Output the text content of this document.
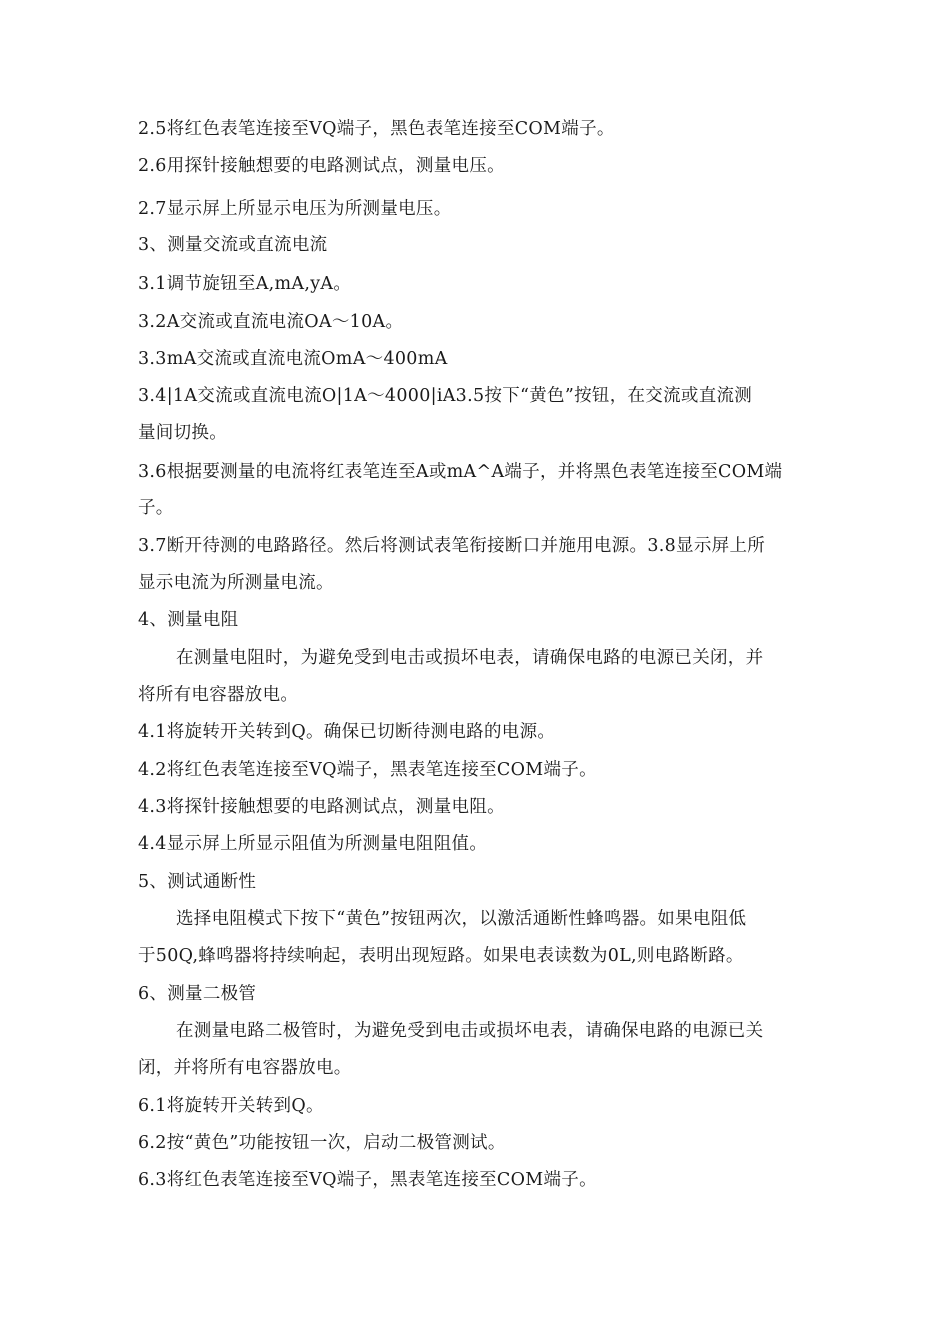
2.5将红色表笔连接至VQ端子，黑色表笔连接至COM端子。
2.6用探针接触想要的电路测试点，测量电压。
2.7显示屏上所显示电压为所测量电压。
3、测量交流或直流电流
3.1调节旋钮至A,mA,yA。
3.2A交流或直流电流OA〜10A。
3.3mA交流或直流电流OmA〜400mA
3.4|1A交流或直流电流O|1A〜4000|iA3.5按下“黄色”按钮，在交流或直流测
量间切换。
3.6根据要测量的电流将红表笔连至A或mA^A端子，并将黑色表笔连接至COM端
子。
3.7断开待测的电路路径。然后将测试表笔衔接断口并施用电源。3.8显示屏上所
显示电流为所测量电流。
4、测量电阻
在测量电阻时，为避免受到电击或损坏电表，请确保电路的电源已关闭，并
将所有电容器放电。
4.1将旋转开关转到Q。确保已切断待测电路的电源。
4.2将红色表笔连接至VQ端子，黑表笔连接至COM端子。
4.3将探针接触想要的电路测试点，测量电阻。
4.4显示屏上所显示阻值为所测量电阻阻值。
5、测试通断性
选择电阻模式下按下“黄色”按钮两次，以激活通断性蜂鸣器。如果电阻低
于50Q,蜂鸣器将持续响起，表明出现短路。如果电表读数为0L,则电路断路。
6、测量二极管
在测量电路二极管时，为避免受到电击或损坏电表，请确保电路的电源已关
闭，并将所有电容器放电。
6.1将旋转开关转到Q。
6.2按“黄色”功能按钮一次，启动二极管测试。
6.3将红色表笔连接至VQ端子，黑表笔连接至COM端子。
